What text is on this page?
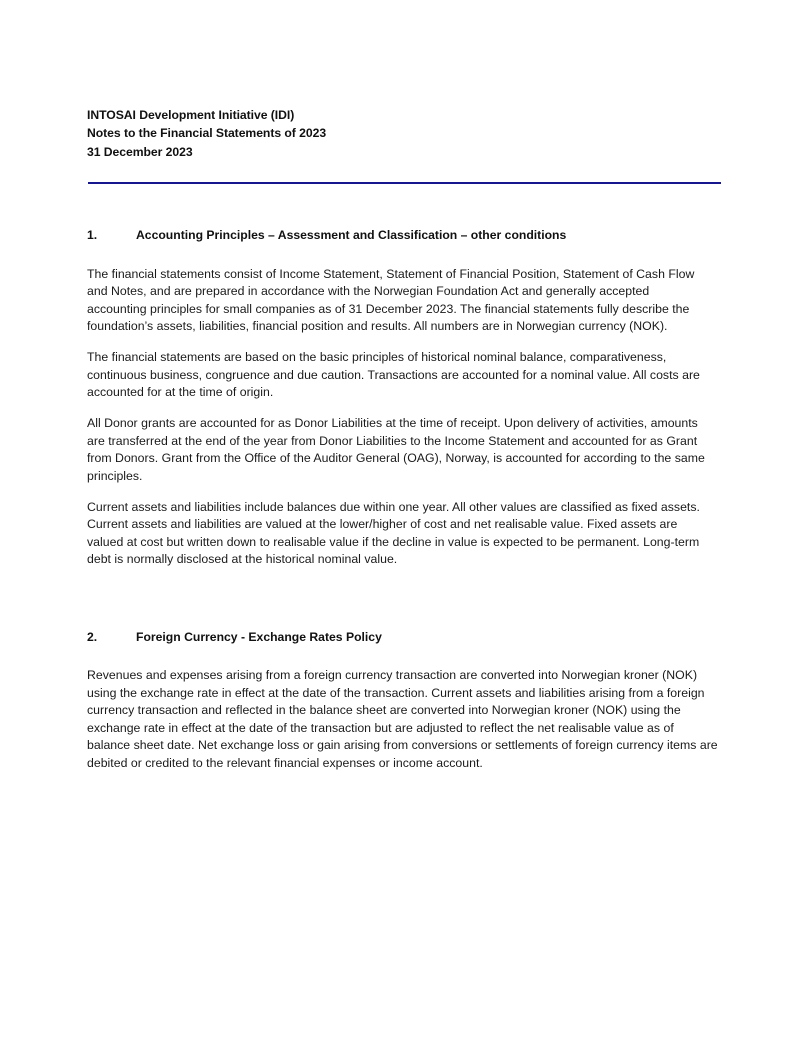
INTOSAI Development Initiative (IDI)
Notes to the Financial Statements of 2023
31 December 2023
1.	Accounting Principles – Assessment and Classification – other conditions

The financial statements consist of Income Statement, Statement of Financial Position, Statement of Cash Flow and Notes, and are prepared in accordance with the Norwegian Foundation Act and generally accepted accounting principles for small companies as of 31 December 2023. The financial statements fully describe the foundation’s assets, liabilities, financial position and results. All numbers are in Norwegian currency (NOK).

The financial statements are based on the basic principles of historical nominal balance, comparativeness, continuous business, congruence and due caution. Transactions are accounted for a nominal value. All costs are accounted for at the time of origin.

All Donor grants are accounted for as Donor Liabilities at the time of receipt. Upon delivery of activities, amounts are transferred at the end of the year from Donor Liabilities to the Income Statement and accounted for as Grant from Donors. Grant from the Office of the Auditor General (OAG), Norway, is accounted for according to the same principles.

Current assets and liabilities include balances due within one year. All other values are classified as fixed assets. Current assets and liabilities are valued at the lower/higher of cost and net realisable value. Fixed assets are valued at cost but written down to realisable value if the decline in value is expected to be permanent. Long-term debt is normally disclosed at the historical nominal value.

2.	Foreign Currency - Exchange Rates Policy

Revenues and expenses arising from a foreign currency transaction are converted into Norwegian kroner (NOK) using the exchange rate in effect at the date of the transaction. Current assets and liabilities arising from a foreign currency transaction and reflected in the balance sheet are converted into Norwegian kroner (NOK) using the exchange rate in effect at the date of the transaction but are adjusted to reflect the net realisable value as of balance sheet date. Net exchange loss or gain arising from conversions or settlements of foreign currency items are debited or credited to the relevant financial expenses or income account.
